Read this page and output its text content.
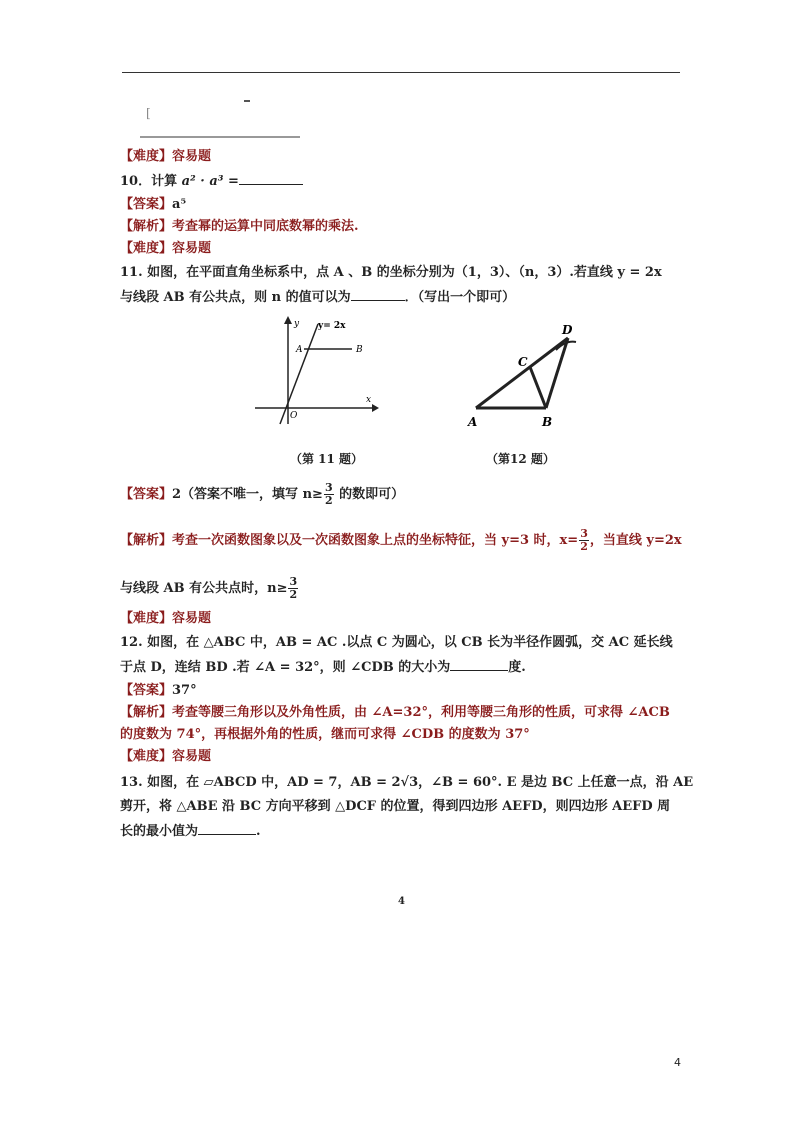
[
【难度】容易题
10．计算 a² · a³ =
【答案】a⁵
【解析】考查幂的运算中同底数幂的乘法.
【难度】容易题
11. 如图，在平面直角坐标系中，点 A 、B 的坐标分别为（1，3）、（n，3）.若直线 y = 2x
与线段 AB 有公共点，则 n 的值可以为	．（写出一个即可）
y y= 2x
A	B
x
O
（第 11 题）
D
C
A	B
（第12 题）
【答案】2（答案不唯一，填写 $n\ge \frac{3}{2}$ 的数即可）
【解析】考查一次函数图象以及一次函数图象上点的坐标特征，当 y=3 时，$x= \frac{3}{2}$ ，当直线 y=2x
与线段 AB 有公共点时，$n\ge \frac{3}{2}$
【难度】容易题
12. 如图，在 △ABC 中，AB = AC .以点 C 为圆心，以 CB 长为半径作圆弧，交 AC 延长线
于点 D，连结 BD .若 ∠A = 32°，则 ∠CDB 的大小为	度.
【答案】37°
【解析】考查等腰三角形以及外角性质，由 ∠A=32°，利用等腰三角形的性质，可求得 ∠ACB
的度数为 74°，再根据外角的性质，继而可求得 ∠CDB 的度数为 37°
【难度】容易题
13. 如图，在 ▱ABCD 中，AD = 7，AB = 2√3，∠B = 60°. E 是边 BC 上任意一点，沿 AE
剪开，将 △ABE 沿 BC 方向平移到 △DCF 的位置，得到四边形 AEFD，则四边形 AEFD 周
长的最小值为	.
4
4
